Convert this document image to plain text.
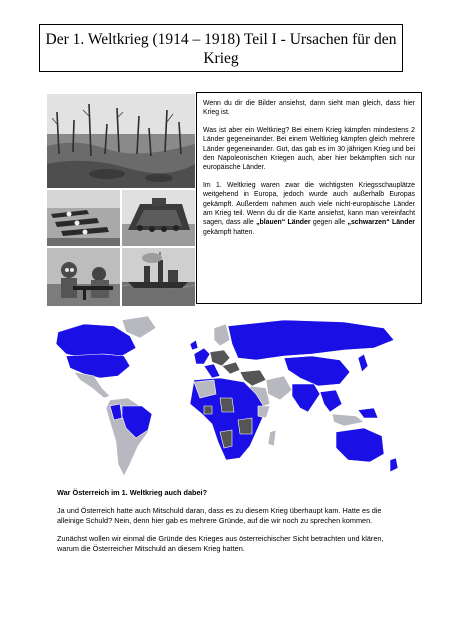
Der 1. Weltkrieg (1914 – 1918) Teil I - Ursachen für den
Krieg

Wenn du dir die Bilder ansiehst, dann sieht man gleich, dass hier Krieg ist.

Was ist aber ein Weltkrieg? Bei einem Krieg kämpfen mindestens 2 Länder gegeneinander. Bei einem Weltkrieg kämpfen gleich mehrere Länder gegeneinander. Gut, das gab es im 30 jährigen Krieg und bei den Napoleonischen Kriegen auch, aber hier bekämpften sich nur europäische Länder.

Im 1. Weltkrieg waren zwar die wichtigsten Kriegsschauplätze weitgehend in Europa, jedoch wurde auch außerhalb Europas gekämpft. Außerdem nahmen auch viele nicht-europäische Länder am Krieg teil. Wenn du dir die Karte ansiehst, kann man vereinfacht sagen, dass alle „blauen“ Länder gegen alle „schwarzen“ Länder gekämpft hatten.

War Österreich im 1. Weltkrieg auch dabei?

Ja und Österreich hatte auch Mitschuld daran, dass es zu diesem Krieg überhaupt kam. Hatte es die alleinige Schuld? Nein, denn hier gab es mehrere Gründe, auf die wir noch zu sprechen kommen.

Zunächst wollen wir einmal die Gründe des Krieges aus österreichischer Sicht betrachten und klären, warum die Österreicher Mitschuld an diesem Krieg hatten.
